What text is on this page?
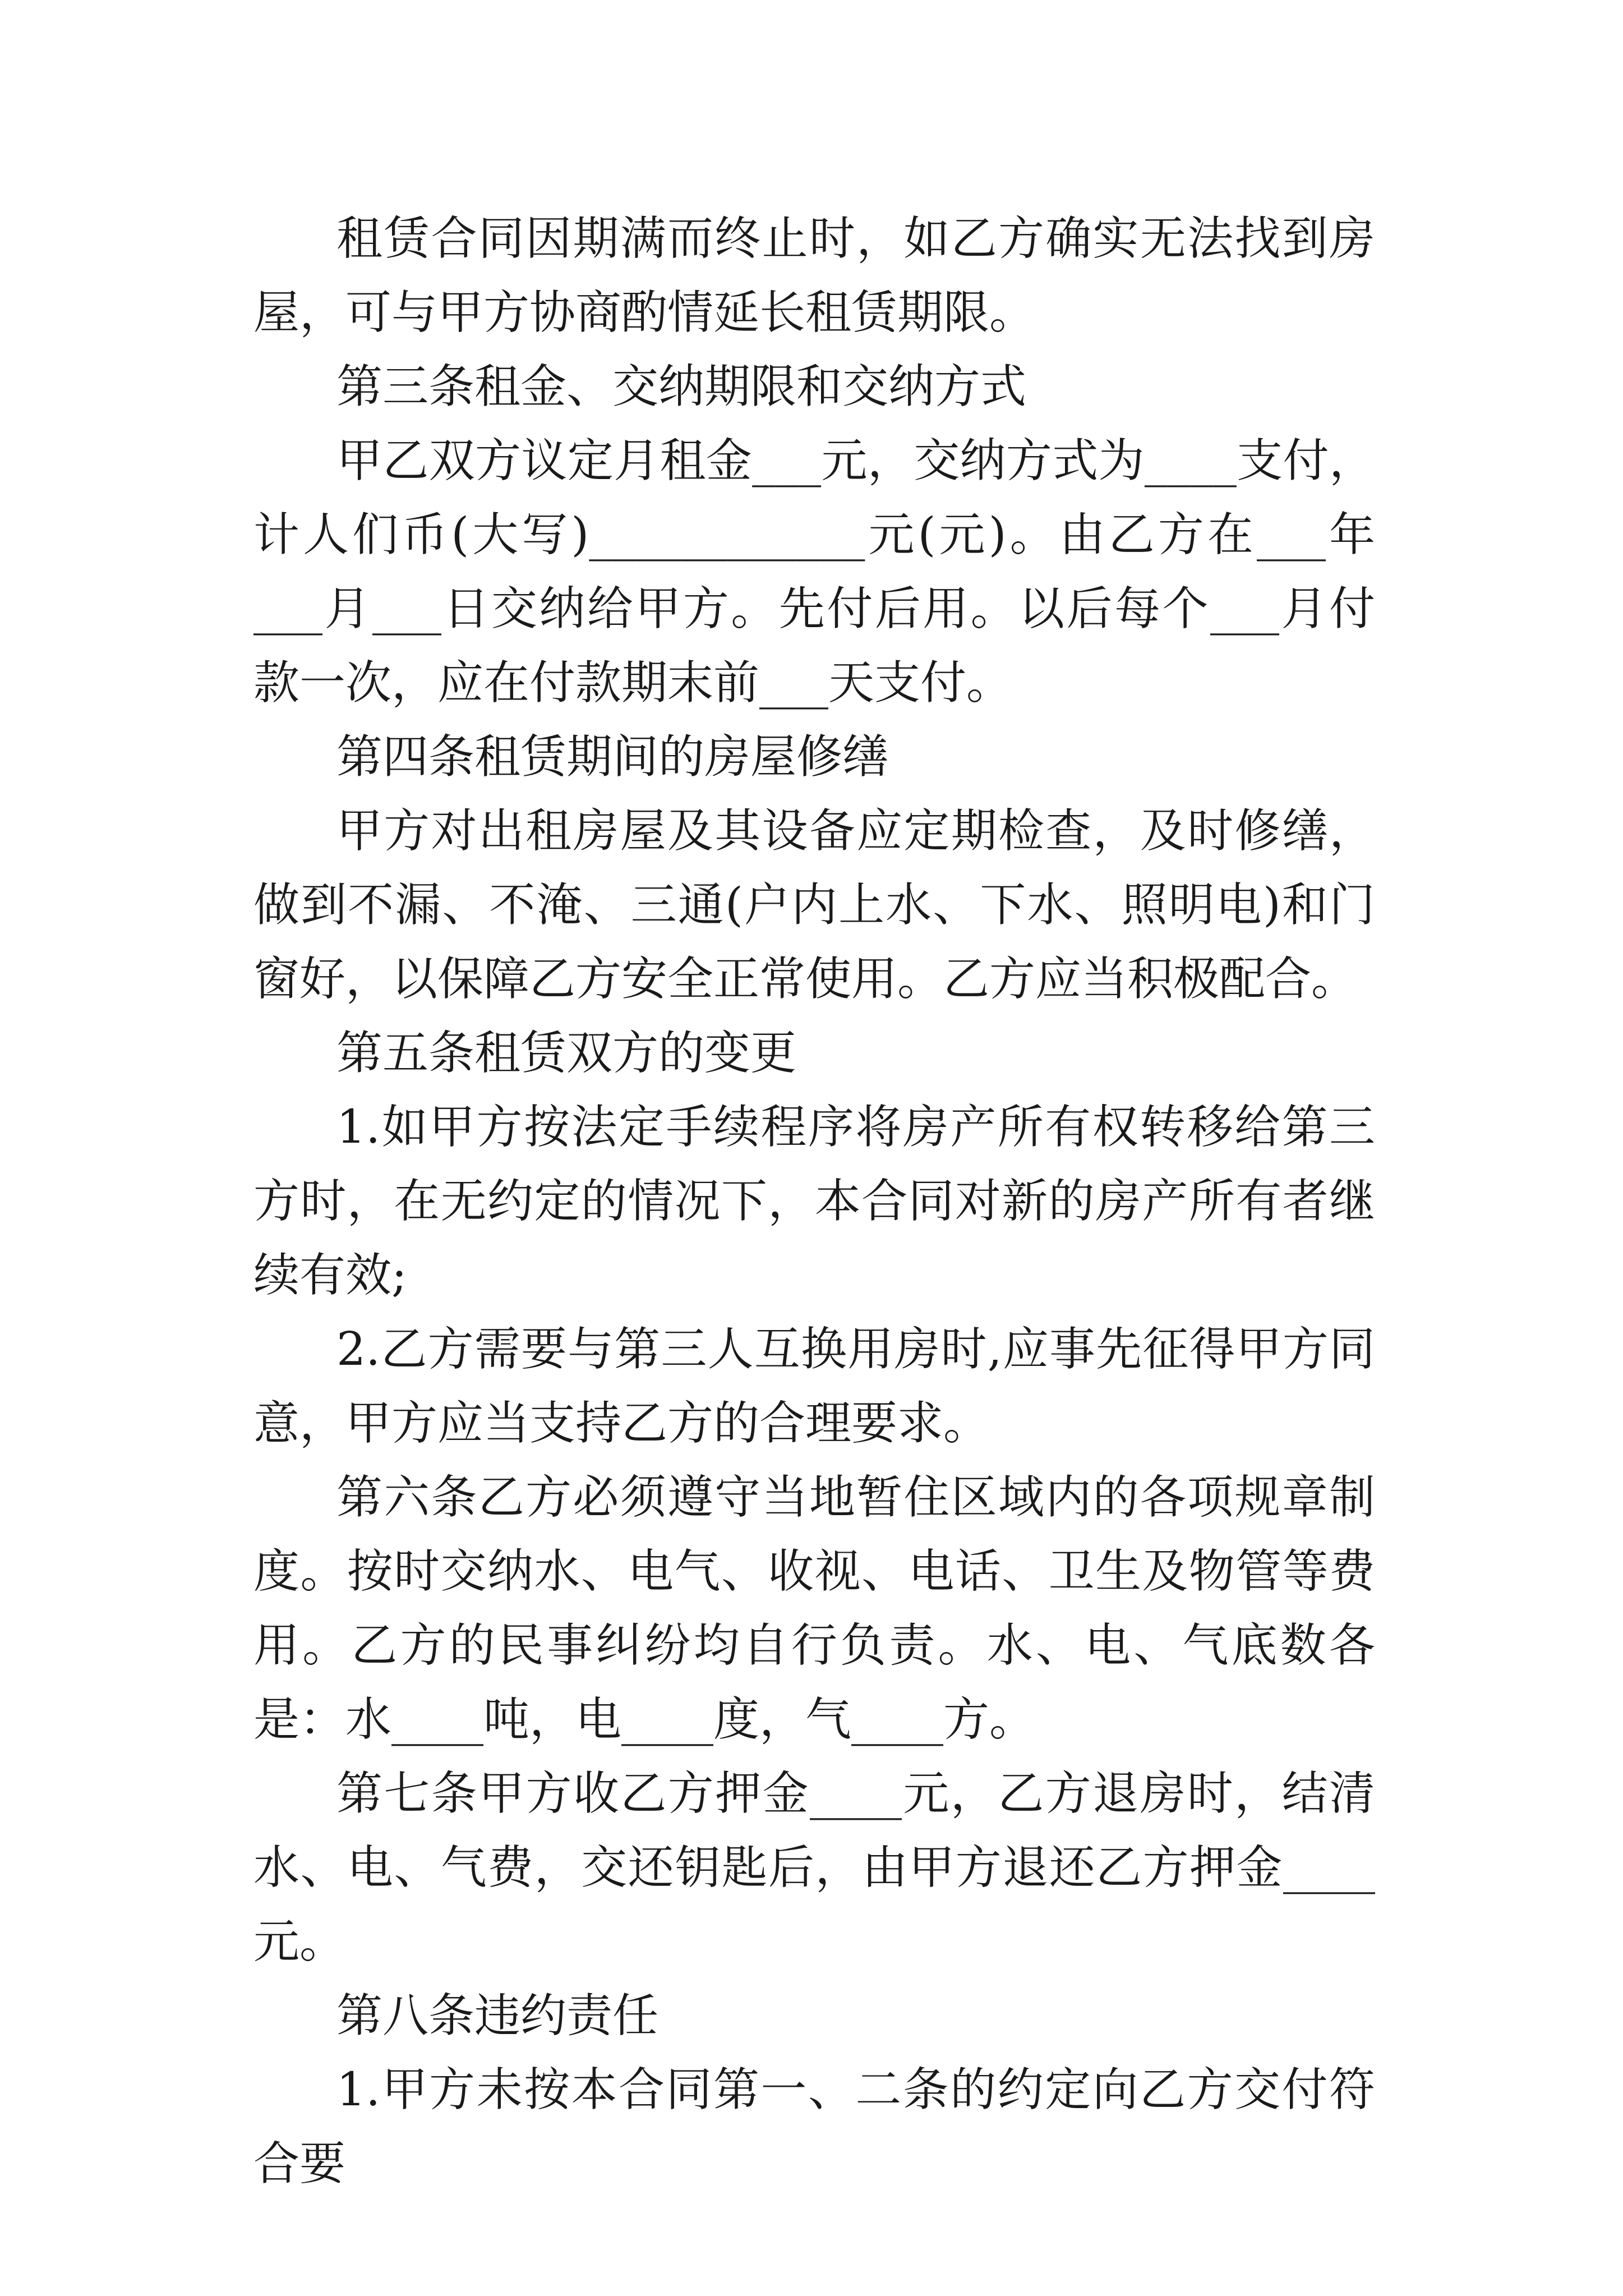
租赁合同因期满而终止时，如乙方确实无法找到房屋，可与甲方协商酌情延长租赁期限。

第三条租金、交纳期限和交纳方式

甲乙双方议定月租金___元，交纳方式为____支付，计人们币(大写)____________元(元)。由乙方在___年___月___日交纳给甲方。先付后用。以后每个___月付款一次，应在付款期末前___天支付。

第四条租赁期间的房屋修缮

甲方对出租房屋及其设备应定期检查，及时修缮，做到不漏、不淹、三通(户内上水、下水、照明电)和门窗好，以保障乙方安全正常使用。乙方应当积极配合。

第五条租赁双方的变更

1.如甲方按法定手续程序将房产所有权转移给第三方时，在无约定的情况下，本合同对新的房产所有者继续有效;

2.乙方需要与第三人互换用房时,应事先征得甲方同意，甲方应当支持乙方的合理要求。

第六条乙方必须遵守当地暂住区域内的各项规章制度。按时交纳水、电气、收视、电话、卫生及物管等费用。乙方的民事纠纷均自行负责。水、电、气底数各是：水____吨，电____度，气____方。

第七条甲方收乙方押金____元，乙方退房时，结清水、电、气费，交还钥匙后，由甲方退还乙方押金____元。

第八条违约责任

1.甲方未按本合同第一、二条的约定向乙方交付符合要
